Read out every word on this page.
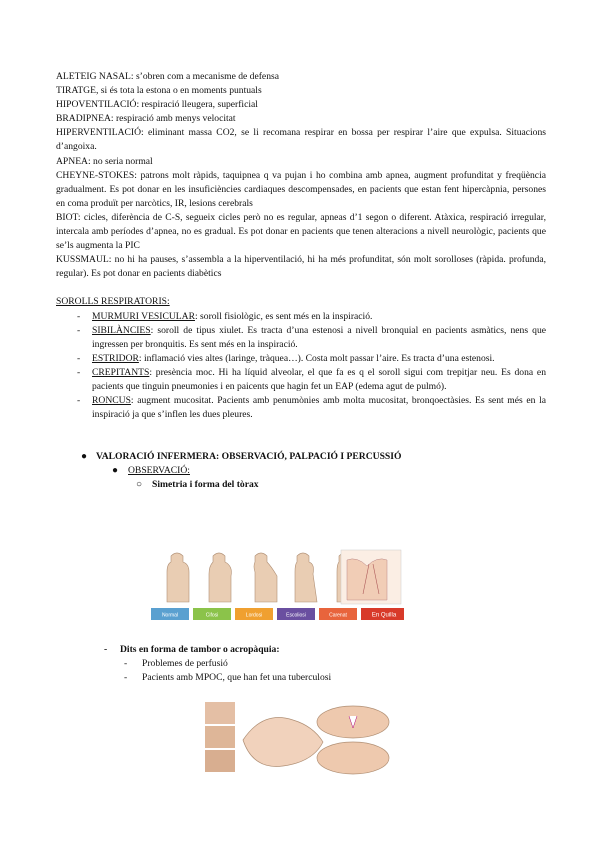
ALETEIG NASAL: s’obren com a mecanisme de defensa

TIRATGE, si és tota la estona o en moments puntuals

HIPOVENTILACIÓ: respiració lleugera, superficial

BRADIPNEA: respiració amb menys velocitat

HIPERVENTILACIÓ: eliminant massa CO2, se li recomana respirar en bossa per respirar l’aire que expulsa. Situacions d’angoixa.

APNEA: no seria normal

CHEYNE-STOKES: patrons molt ràpids, taquipnea q va pujan i ho combina amb apnea, augment profunditat y freqüència gradualment. Es pot donar en les insuficiències cardiaques descompensades, en pacients que estan fent hipercàpnia, persones en coma produït per narcòtics, IR, lesions cerebrals

BIOT: cicles, diferència de C-S, segueix cicles però no es regular, apneas d’1 segon o diferent. Atàxica, respiració irregular, intercala amb períodes d’apnea, no es gradual. Es pot donar en pacients que tenen alteracions a nivell neurològic, pacients que se’ls augmenta la PIC

KUSSMAUL: no hi ha pauses, s’assembla a la hiperventilació, hi ha més profunditat, són molt sorolloses (ràpida. profunda, regular). Es pot donar en pacients diabètics

SOROLLS RESPIRATORIS:

- MURMURI VESICULAR: soroll fisiològic, es sent més en la inspiració.
- SIBILÀNCIES: soroll de tipus xiulet. Es tracta d’una estenosi a nivell bronquial en pacients asmàtics, nens que ingressen per bronquitis. Es sent més en la inspiració.
- ESTRIDOR: inflamació vies altes (laringe, tràquea…). Costa molt passar l’aire. Es tracta d’una estenosi.
- CREPITANTS: presència moc. Hi ha líquid alveolar, el que fa es q el soroll sigui com trepitjar neu. Es dona en pacients que tinguin pneumonies i en paicents que hagin fet un EAP (edema agut de pulmó).
- RONCUS: augment mucositat. Pacients amb penumònies amb molta mucositat, bronqoectàsies. Es sent més en la inspiració ja que s’inflen les dues pleures.
● VALORACIÓ INFERMERA: OBSERVACIÓ, PALPACIÓ I PERCUSSIÓ
● OBSERVACIÓ:
○ Simetria i forma del tòrax
Normal	Cifosi	Lordosi	Escoliosi	Carenat	En Quilla
- Dits en forma de tambor o acropàquia:
- Problemes de perfusió
- Pacients amb MPOC, que han fet una tuberculosi
